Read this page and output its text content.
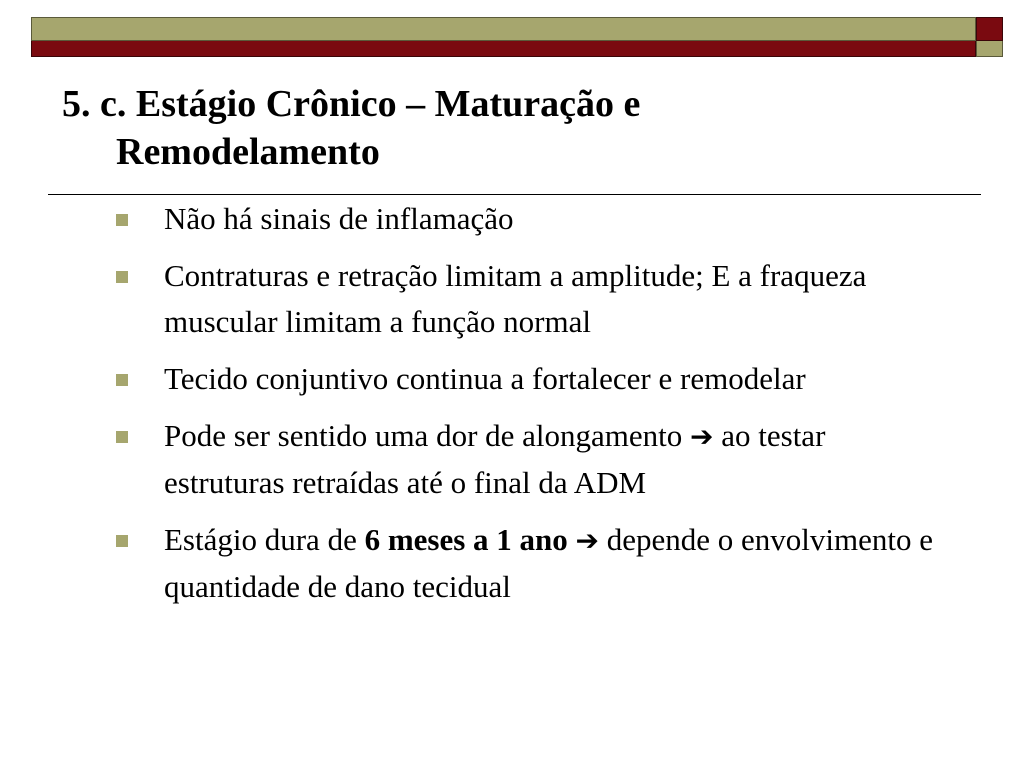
5. c. Estágio Crônico – Maturação e
Remodelamento
Não há sinais de inflamação
Contraturas e retração limitam a amplitude; E a fraqueza muscular limitam a função normal
Tecido conjuntivo continua a fortalecer e remodelar
Pode ser sentido uma dor de alongamento ➔ ao testar estruturas retraídas até o final da ADM
Estágio dura de 6 meses a 1 ano ➔ depende o envolvimento e quantidade de dano tecidual
